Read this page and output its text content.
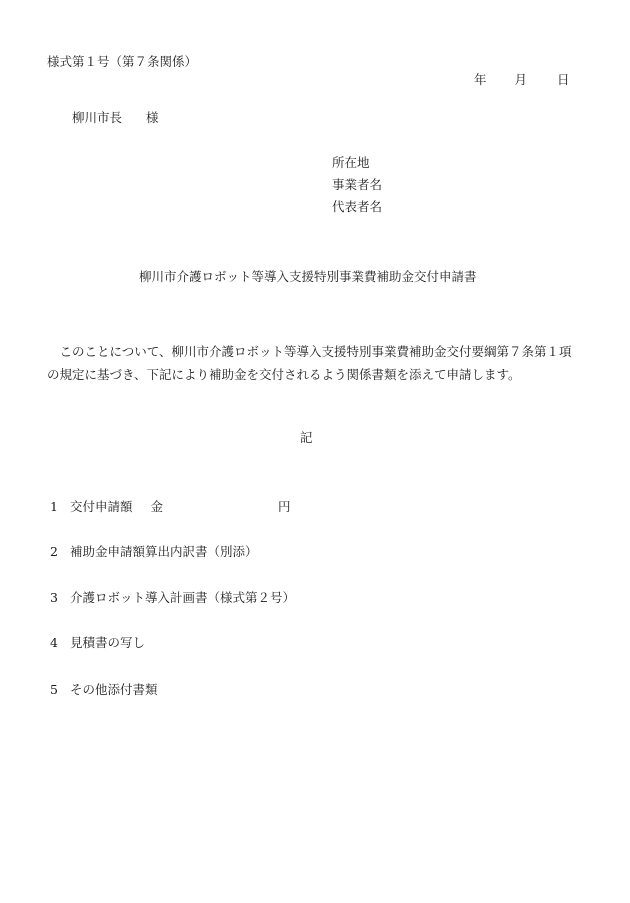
様式第１号（第７条関係）
年 月 日
柳川市長 様
所在地
事業者名
代表者名
柳川市介護ロボット等導入支援特別事業費補助金交付申請書

　このことについて、柳川市介護ロボット等導入支援特別事業費補助金交付要綱第７条第１項

の規定に基づき、下記により補助金を交付されるよう関係書類を添えて申請します。

記
1 交付申請額 金	円
2 補助金申請額算出内訳書（別添）
3 介護ロボット導入計画書（様式第２号）
4 見積書の写し
5 その他添付書類
